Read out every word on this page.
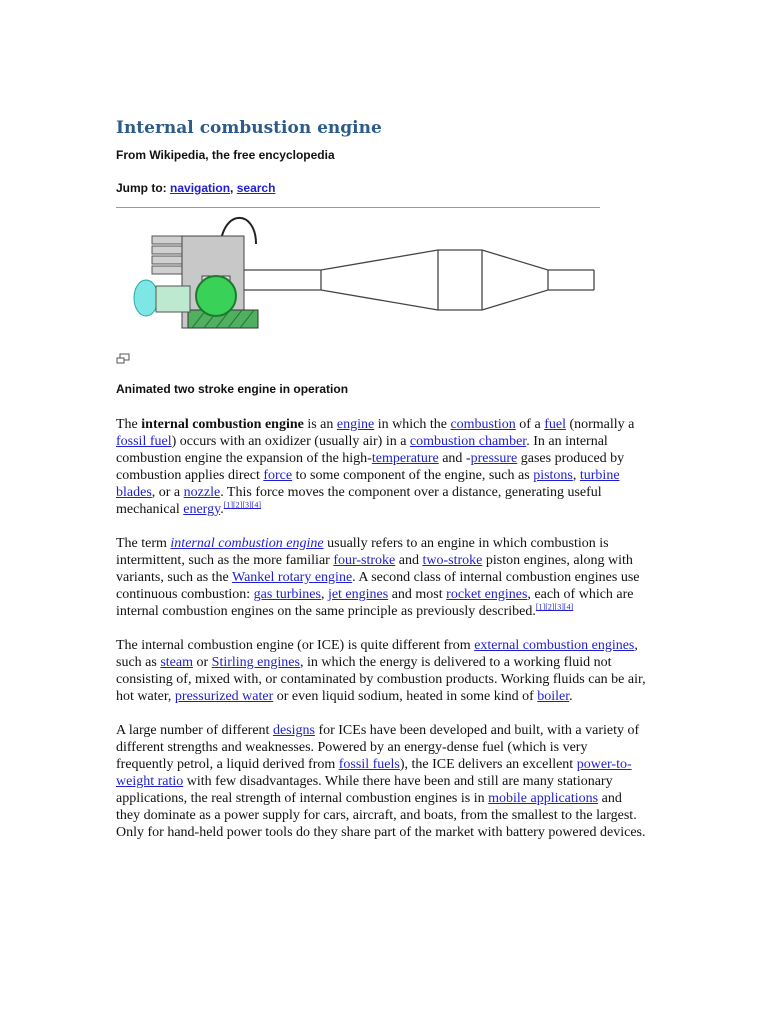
Internal combustion engine
From Wikipedia, the free encyclopedia
Jump to: navigation, search
Animated two stroke engine in operation

The internal combustion engine is an engine in which the combustion of a fuel (normally a fossil fuel) occurs with an oxidizer (usually air) in a combustion chamber. In an internal combustion engine the expansion of the high-temperature and -pressure gases produced by combustion applies direct force to some component of the engine, such as pistons, turbine blades, or a nozzle. This force moves the component over a distance, generating useful mechanical energy.[1][2][3][4]

The term internal combustion engine usually refers to an engine in which combustion is intermittent, such as the more familiar four-stroke and two-stroke piston engines, along with variants, such as the Wankel rotary engine. A second class of internal combustion engines use continuous combustion: gas turbines, jet engines and most rocket engines, each of which are internal combustion engines on the same principle as previously described.[1][2][3][4]

The internal combustion engine (or ICE) is quite different from external combustion engines, such as steam or Stirling engines, in which the energy is delivered to a working fluid not consisting of, mixed with, or contaminated by combustion products. Working fluids can be air, hot water, pressurized water or even liquid sodium, heated in some kind of boiler.

A large number of different designs for ICEs have been developed and built, with a variety of different strengths and weaknesses. Powered by an energy-dense fuel (which is very frequently petrol, a liquid derived from fossil fuels), the ICE delivers an excellent power-to-weight ratio with few disadvantages. While there have been and still are many stationary applications, the real strength of internal combustion engines is in mobile applications and they dominate as a power supply for cars, aircraft, and boats, from the smallest to the largest. Only for hand-held power tools do they share part of the market with battery powered devices.
